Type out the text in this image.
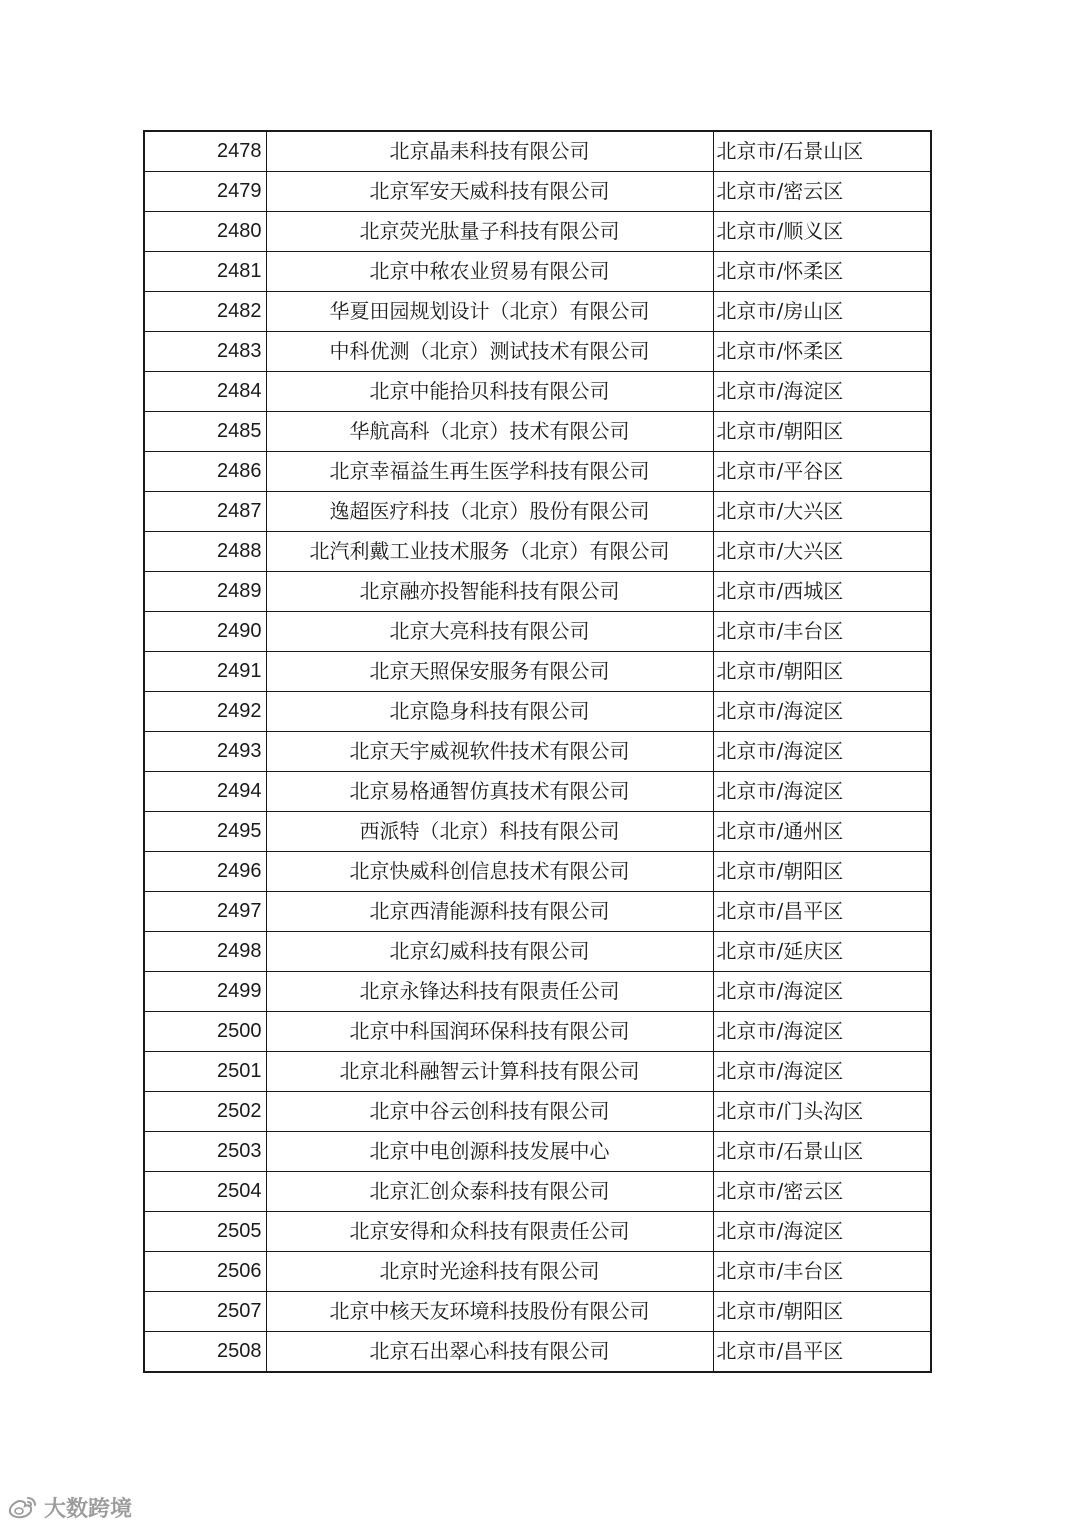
2478	北京晶耒科技有限公司	北京市/石景山区
2479	北京军安天威科技有限公司	北京市/密云区
2480	北京荧光肽量子科技有限公司	北京市/顺义区
2481	北京中秾农业贸易有限公司	北京市/怀柔区
2482	华夏田园规划设计（北京）有限公司	北京市/房山区
2483	中科优测（北京）测试技术有限公司	北京市/怀柔区
2484	北京中能拾贝科技有限公司	北京市/海淀区
2485	华航高科（北京）技术有限公司	北京市/朝阳区
2486	北京幸福益生再生医学科技有限公司	北京市/平谷区
2487	逸超医疗科技（北京）股份有限公司	北京市/大兴区
2488	北汽利戴工业技术服务（北京）有限公司	北京市/大兴区
2489	北京融亦投智能科技有限公司	北京市/西城区
2490	北京大亮科技有限公司	北京市/丰台区
2491	北京天照保安服务有限公司	北京市/朝阳区
2492	北京隐身科技有限公司	北京市/海淀区
2493	北京天宇威视软件技术有限公司	北京市/海淀区
2494	北京易格通智仿真技术有限公司	北京市/海淀区
2495	西派特（北京）科技有限公司	北京市/通州区
2496	北京快威科创信息技术有限公司	北京市/朝阳区
2497	北京西清能源科技有限公司	北京市/昌平区
2498	北京幻威科技有限公司	北京市/延庆区
2499	北京永锋达科技有限责任公司	北京市/海淀区
2500	北京中科国润环保科技有限公司	北京市/海淀区
2501	北京北科融智云计算科技有限公司	北京市/海淀区
2502	北京中谷云创科技有限公司	北京市/门头沟区
2503	北京中电创源科技发展中心	北京市/石景山区
2504	北京汇创众泰科技有限公司	北京市/密云区
2505	北京安得和众科技有限责任公司	北京市/海淀区
2506	北京时光途科技有限公司	北京市/丰台区
2507	北京中核天友环境科技股份有限公司	北京市/朝阳区
2508	北京石出翠心科技有限公司	北京市/昌平区
大数跨境
